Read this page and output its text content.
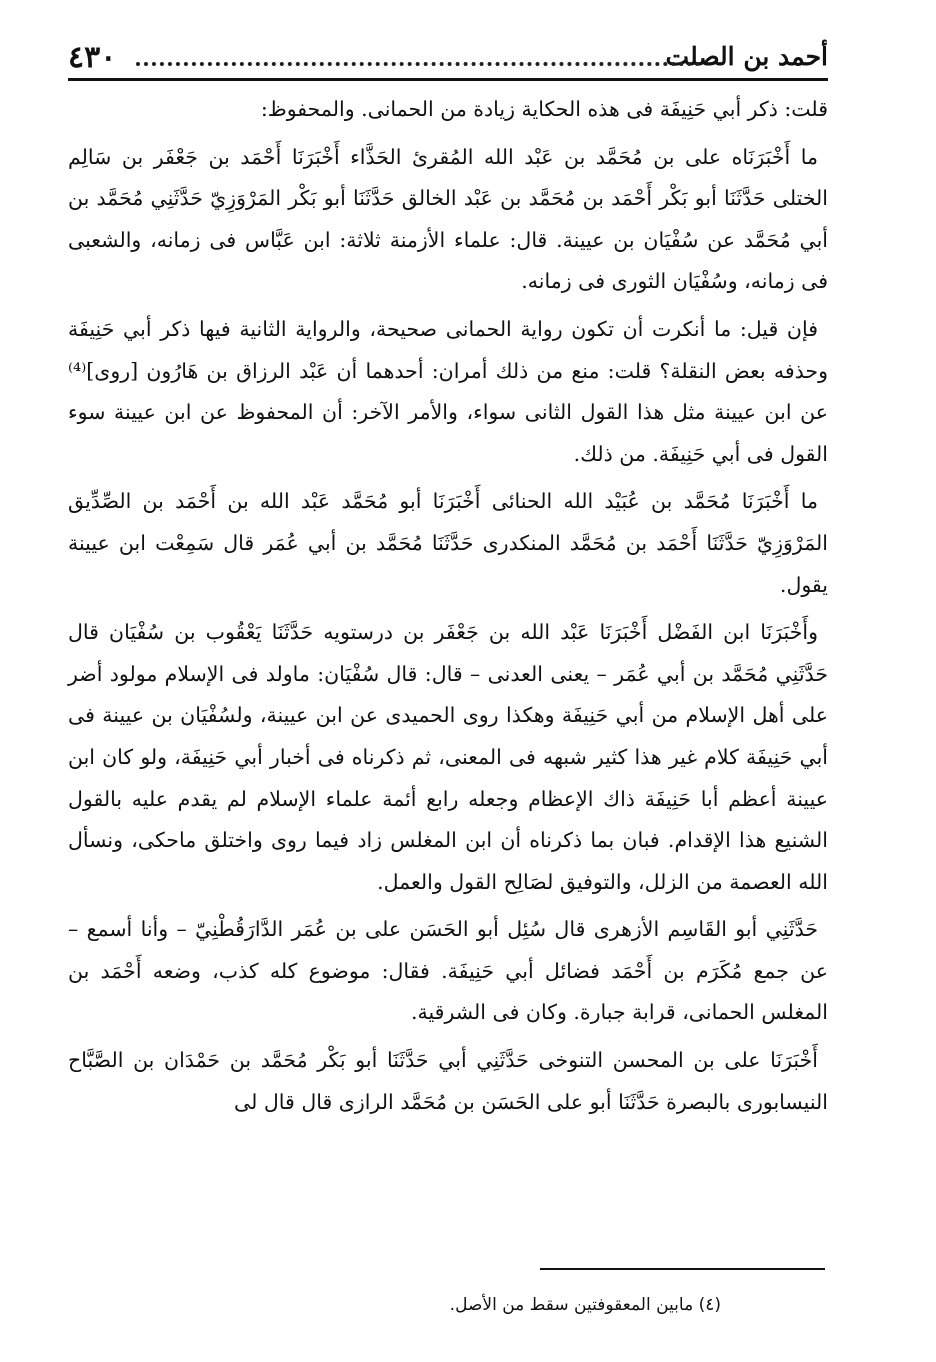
أحمد بن الصلت
٤٣٠

قلت: ذكر أبي حَنِيفَة فى هذه الحكاية زيادة من الحمانى. والمحفوظ:

ما أَخْبَرَنَاه على بن مُحَمَّد بن عَبْد الله المُقرئ الحَذَّاء أَخْبَرَنَا أَحْمَد بن جَعْفَر بن سَالِم الختلى حَدَّثَنَا أبو بَكْر أَحْمَد بن مُحَمَّد بن عَبْد الخالق حَدَّثَنَا أبو بَكْر المَرْوَزِيّ حَدَّثَنِي مُحَمَّد بن أبي مُحَمَّد عن سُفْيَان بن عيينة. قال: علماء الأزمنة ثلاثة: ابن عَبَّاس فى زمانه، والشعبى فى زمانه، وسُفْيَان الثورى فى زمانه.

فإن قيل: ما أنكرت أن تكون رواية الحمانى صحيحة، والرواية الثانية فيها ذكر أبي حَنِيفَة وحذفه بعض النقلة؟ قلت: منع من ذلك أمران: أحدهما أن عَبْد الرزاق بن هَارُون [روى]⁽⁴⁾ عن ابن عيينة مثل هذا القول الثانى سواء، والأمر الآخر: أن المحفوظ عن ابن عيينة سوء القول فى أبي حَنِيفَة. من ذلك.

ما أَخْبَرَنَا مُحَمَّد بن عُبَيْد الله الحنائى أَخْبَرَنَا أبو مُحَمَّد عَبْد الله بن أَحْمَد بن الصِّدِّيق المَرْوَزِيّ حَدَّثَنَا أَحْمَد بن مُحَمَّد المنكدرى حَدَّثَنَا مُحَمَّد بن أبي عُمَر قال سَمِعْت ابن عيينة يقول.

وأَخْبَرَنَا ابن الفَضْل أَخْبَرَنَا عَبْد الله بن جَعْفَر بن درستويه حَدَّثَنَا يَعْقُوب بن سُفْيَان قال حَدَّثَنِي مُحَمَّد بن أبي عُمَر – يعنى العدنى – قال: قال سُفْيَان: ماولد فى الإسلام مولود أضر على أهل الإسلام من أبي حَنِيفَة وهكذا روى الحميدى عن ابن عيينة، ولسُفْيَان بن عيينة فى أبي حَنِيفَة كلام غير هذا كثير شبهه فى المعنى، ثم ذكرناه فى أخبار أبي حَنِيفَة، ولو كان ابن عيينة أعظم أبا حَنِيفَة ذاك الإعظام وجعله رابع أئمة علماء الإسلام لم يقدم عليه بالقول الشنيع هذا الإقدام. فبان بما ذكرناه أن ابن المغلس زاد فيما روى واختلق ماحكى، ونسأل الله العصمة من الزلل، والتوفيق لصَالِح القول والعمل.

حَدَّثَنِي أبو القَاسِم الأزهرى قال سُئِل أبو الحَسَن على بن عُمَر الدَّارَقُطْنِيّ – وأنا أسمع – عن جمع مُكَرَم بن أَحْمَد فضائل أبي حَنِيفَة. فقال: موضوع كله كذب، وضعه أَحْمَد بن المغلس الحمانى، قرابة جبارة. وكان فى الشرقية.

أَخْبَرَنَا على بن المحسن التنوخى حَدَّثَنِي أبي حَدَّثَنَا أبو بَكْر مُحَمَّد بن حَمْدَان بن الصَّبَّاح النيسابورى بالبصرة حَدَّثَنَا أبو على الحَسَن بن مُحَمَّد الرازى قال قال لى

(٤) مابين المعقوفتين سقط من الأصل.
